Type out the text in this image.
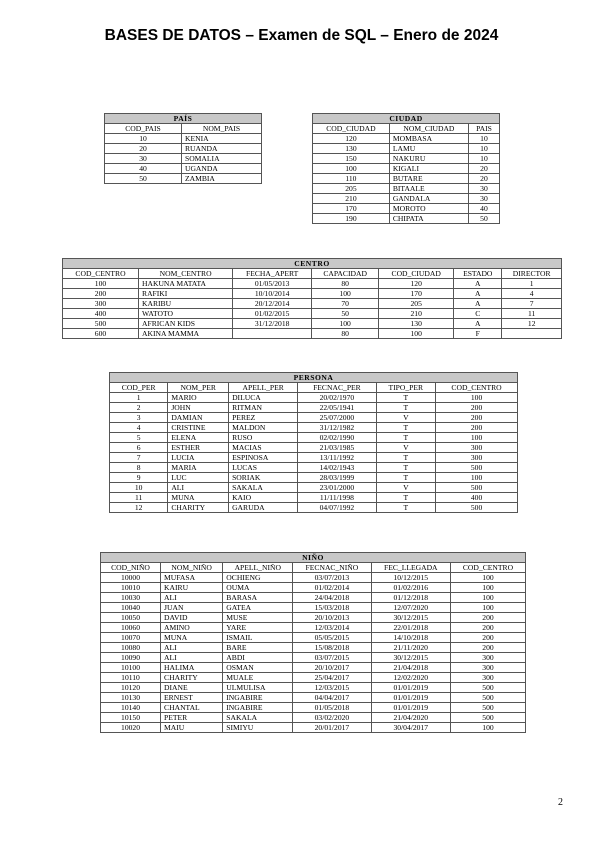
BASES DE DATOS – Examen de SQL – Enero de 2024
PAÍS	
COD_PAIS	NOM_PAIS
10	KENIA
20	RUANDA
30	SOMALIA
40	UGANDA
50	ZAMBIA
CIUDAD		
COD_CIUDAD	NOM_CIUDAD	PAIS
120	MOMBASA	10
130	LAMU	10
150	NAKURU	10
100	KIGALI	20
110	BUTARE	20
205	BITAALE	30
210	GANDALA	30
170	MOROTO	40
190	CHIPATA	50
CENTRO						
COD_CENTRO	NOM_CENTRO	FECHA_APERT	CAPACIDAD	COD_CIUDAD	ESTADO	DIRECTOR
100	HAKUNA MATATA	01/05/2013	80	120	A	1
200	RAFIKI	10/10/2014	100	170	A	4
300	KARIBU	20/12/2014	70	205	A	7
400	WATOTO	01/02/2015	50	210	C	11
500	AFRICAN KIDS	31/12/2018	100	130	A	12
600	AKINA MAMMA		80	100	F	
PERSONA					
COD_PER	NOM_PER	APELL_PER	FECNAC_PER	TIPO_PER	COD_CENTRO
1	MARIO	DILUCA	20/02/1970	T	100
2	JOHN	RITMAN	22/05/1941	T	200
3	DAMIAN	PEREZ	25/07/2000	V	200
4	CRISTINE	MALDON	31/12/1982	T	200
5	ELENA	RUSO	02/02/1990	T	100
6	ESTHER	MACIAS	21/03/1985	V	300
7	LUCIA	ESPINOSA	13/11/1992	T	300
8	MARIA	LUCAS	14/02/1943	T	500
9	LUC	SORIAK	28/03/1999	T	100
10	ALI	SAKALA	23/01/2000	V	500
11	MUNA	KAIO	11/11/1998	T	400
12	CHARITY	GARUDA	04/07/1992	T	500
NIÑO					
COD_NIÑO	NOM_NIÑO	APELL_NIÑO	FECNAC_NIÑO	FEC_LLEGADA	COD_CENTRO
10000	MUFASA	OCHIENG	03/07/2013	10/12/2015	100
10010	KAIRU	OUMA	01/02/2014	01/02/2016	100
10030	ALI	BARASA	24/04/2018	01/12/2018	100
10040	JUAN	GATEA	15/03/2018	12/07/2020	100
10050	DAVID	MUSE	20/10/2013	30/12/2015	200
10060	AMINO	YARE	12/03/2014	22/01/2018	200
10070	MUNA	ISMAIL	05/05/2015	14/10/2018	200
10080	ALI	BARE	15/08/2018	21/11/2020	200
10090	ALI	ABDI	03/07/2015	30/12/2015	300
10100	HALIMA	OSMAN	20/10/2017	21/04/2018	300
10110	CHARITY	MUALE	25/04/2017	12/02/2020	300
10120	DIANE	ULMULISA	12/03/2015	01/01/2019	500
10130	ERNEST	INGABIRE	04/04/2017	01/01/2019	500
10140	CHANTAL	INGABIRE	01/05/2018	01/01/2019	500
10150	PETER	SAKALA	03/02/2020	21/04/2020	500
10020	MAIU	SIMIYU	20/01/2017	30/04/2017	100
2
